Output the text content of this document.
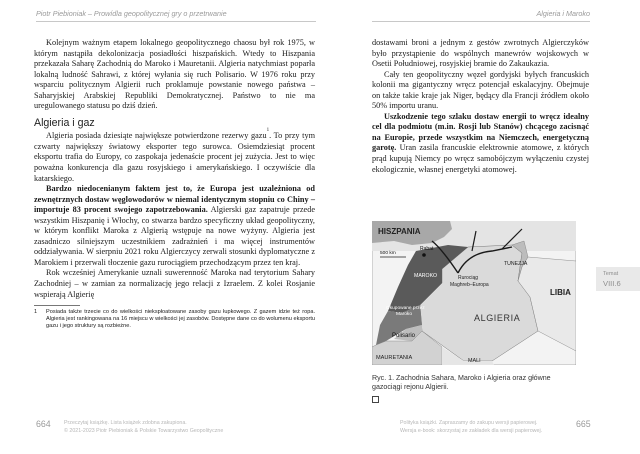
Piotr Piebioniak – Prowídla geopolitycznej gry o przetrwanie	Algieria i Maroko

Kolejnym ważnym etapem lokalnego geopolitycznego chaosu był rok 1975, w którym nastąpiła dekolonizacja posiadłości hiszpańskich. Wtedy to Hiszpania przekazała Saharę Zachodnią do Maroko i Mauretanii. Algieria natychmiast poparła lokalną ludność Sahrawi, z której wyłania się ruch Polisario. W 1976 roku przy wsparciu politycznym Algierii ruch proklamuje powstanie nowego państwa – Saharyjskiej Arabskiej Republiki Demokratycznej. Państwo to nie ma uregulowanego statusu po dziś dzień.

Algieria i gaz

Algieria posiada dziesiąte największe potwierdzone rezerwy gazu$^1$. To przy tym czwarty największy światowy eksporter tego surowca. Osiemdziesiąt procent eksportu trafia do Europy, co zaspokaja jedenaście procent jej zużycia. Jest to więc poważna konkurencja dla gazu rosyjskiego i amerykańskiego. I oczywiście dla katarskiego.

Bardzo niedocenianym faktem jest to, że Europa jest uzależniona od zewnętrznych dostaw węglowodorów w niemal identycznym stopniu co Chiny – importuje 83 procent swojego zapotrzebowania. Algierski gaz zapatruje przede wszystkim Hiszpanię i Włochy, co stwarza bardzo specyficzny układ geopolityczny, w którym konflikt Maroka z Algierią wstępuje na nowe wyżyny. Algieria jest zasadniczo silniejszym uczestnikiem zadrażnień i ma więcej instrumentów oddziaływania. W sierpniu 2021 roku Algierczycy zerwali stosunki dyplomatyczne z Marokiem i przerwali tłoczenie gazu rurociągiem przechodzącym przez ten kraj.

Rok wcześniej Amerykanie uznali suwerenność Maroka nad terytorium Sahary Zachodniej – w zamian za normalizację jego relacji z Izraelem. Z kolei Rosjanie wspierają Algierię

1	Posiada także trzecie co do wielkości niekspłoatowane zasoby gazu łupkowego. Z gazem idzie też ropa. Algieria jest rankingowana na 16 miejscu w wielkości jej zasobów. Dostępne dane co do wolumenu eksportu gazu i jego struktury są rozbieżne.

dostawami broni a jednym z gestów zwrotnych Algierczyków było przystąpienie do wspólnych manewrów wojskowych w Osetii Południowej, rosyjskiej bramie do Zakaukazia.

Cały ten geopolityczny węzeł gordyjski byłych francuskich kolonii ma gigantyczny wręcz potencjał eskalacyjny. Obejmuje on także takie kraje jak Niger, będący dla Francji źródłem około 50% importu uranu.

Uszkodzenie tego szlaku dostaw energii to wręcz idealny cel dla podmiotu (m.in. Rosji lub Stanów) chcącego zacisnąć na Europie, przede wszystkim na Niemczech, energetyczną garotę. Uran zasila francuskie elektrownie atomowe, z których prąd kupują Niemcy po wręcz samobójczym wyłączeniu czystej ekologicznie, własnej energetyki atomowej.

HISZPANIA
Rabat
500 km
MAROKO	Rurociąg
Maghreb–Europa
TUNEZJA
LIBIA
Okupowane przez
Maroko	ALGIERIA
Polisario
MAURETANIA	MALI
Ryc. 1. Zachodnia Sahara, Maroko i Algieria oraz główne gazociągi rejonu Algierii.
Temat
VIII.6
664	Przeczytaj książkę. Lista książek zdobna zakupiona.
© 2021-2023 Piotr Piebioniak & Polskie Towarzystwo Geopolityczne
Polityka książki. Zapraszamy do zakupu wersji papierowej.
Wersja e-book: skorzystaj ze zakładek dla wersji papierowej.
665
